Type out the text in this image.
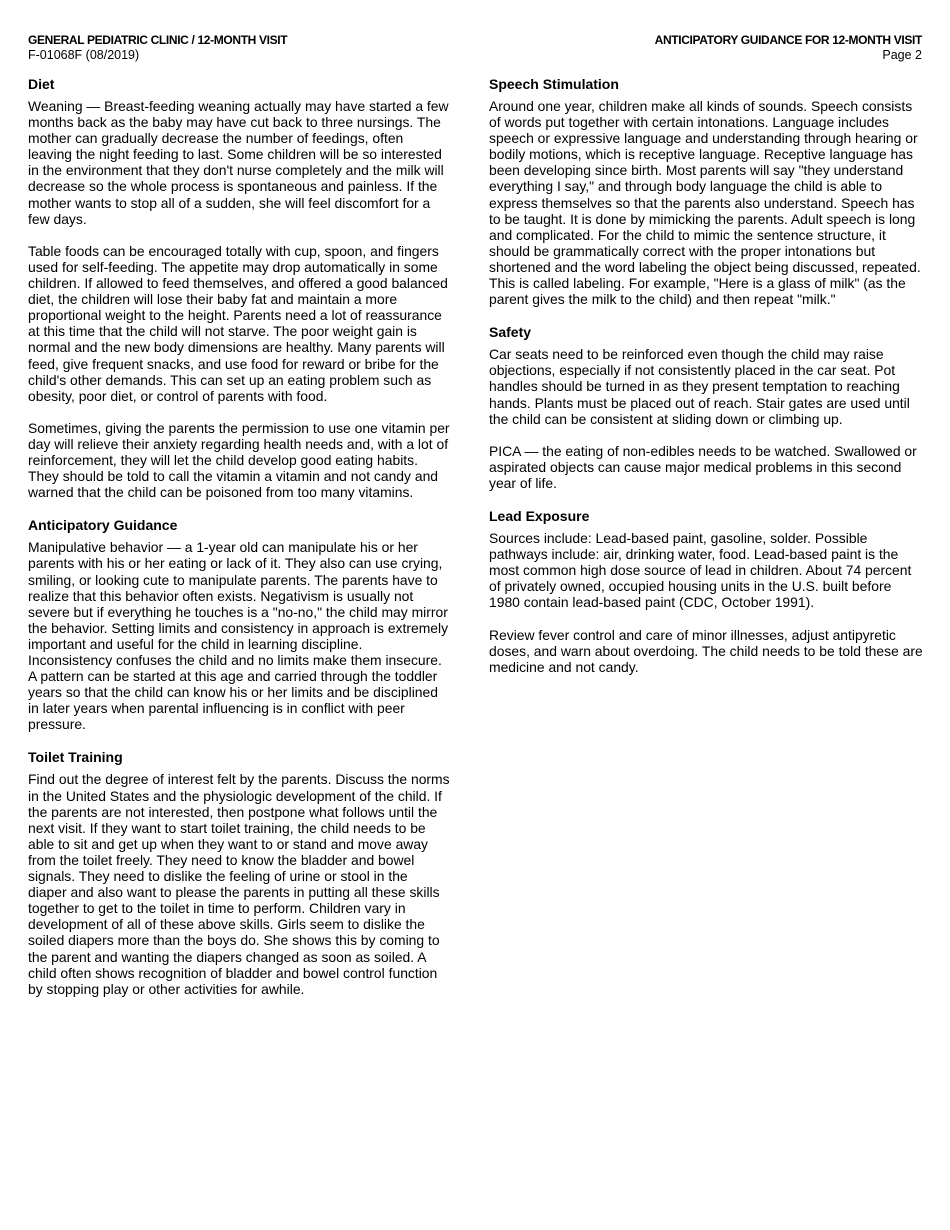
GENERAL PEDIATRIC CLINIC / 12-MONTH VISIT
F-01068F (08/2019)
ANTICIPATORY GUIDANCE FOR 12-MONTH VISIT
Page 2
Diet

Weaning — Breast-feeding weaning actually may have started a few months back as the baby may have cut back to three nursings. The mother can gradually decrease the number of feedings, often leaving the night feeding to last. Some children will be so interested in the environment that they don't nurse completely and the milk will decrease so the whole process is spontaneous and painless. If the mother wants to stop all of a sudden, she will feel discomfort for a few days.

Table foods can be encouraged totally with cup, spoon, and fingers used for self-feeding. The appetite may drop automatically in some children. If allowed to feed themselves, and offered a good balanced diet, the children will lose their baby fat and maintain a more proportional weight to the height. Parents need a lot of reassurance at this time that the child will not starve. The poor weight gain is normal and the new body dimensions are healthy. Many parents will feed, give frequent snacks, and use food for reward or bribe for the child's other demands. This can set up an eating problem such as obesity, poor diet, or control of parents with food.

Sometimes, giving the parents the permission to use one vitamin per day will relieve their anxiety regarding health needs and, with a lot of reinforcement, they will let the child develop good eating habits. They should be told to call the vitamin a vitamin and not candy and warned that the child can be poisoned from too many vitamins.

Anticipatory Guidance

Manipulative behavior — a 1-year old can manipulate his or her parents with his or her eating or lack of it. They also can use crying, smiling, or looking cute to manipulate parents. The parents have to realize that this behavior often exists. Negativism is usually not severe but if everything he touches is a "no-no," the child may mirror the behavior. Setting limits and consistency in approach is extremely important and useful for the child in learning discipline. Inconsistency confuses the child and no limits make them insecure. A pattern can be started at this age and carried through the toddler years so that the child can know his or her limits and be disciplined in later years when parental influencing is in conflict with peer pressure.

Toilet Training

Find out the degree of interest felt by the parents. Discuss the norms in the United States and the physiologic development of the child. If the parents are not interested, then postpone what follows until the next visit. If they want to start toilet training, the child needs to be able to sit and get up when they want to or stand and move away from the toilet freely. They need to know the bladder and bowel signals. They need to dislike the feeling of urine or stool in the diaper and also want to please the parents in putting all these skills together to get to the toilet in time to perform. Children vary in development of all of these above skills. Girls seem to dislike the soiled diapers more than the boys do. She shows this by coming to the parent and wanting the diapers changed as soon as soiled. A child often shows recognition of bladder and bowel control function by stopping play or other activities for awhile.

Speech Stimulation

Around one year, children make all kinds of sounds. Speech consists of words put together with certain intonations. Language includes speech or expressive language and understanding through hearing or bodily motions, which is receptive language. Receptive language has been developing since birth. Most parents will say "they understand everything I say," and through body language the child is able to express themselves so that the parents also understand. Speech has to be taught. It is done by mimicking the parents. Adult speech is long and complicated. For the child to mimic the sentence structure, it should be grammatically correct with the proper intonations but shortened and the word labeling the object being discussed, repeated. This is called labeling. For example, "Here is a glass of milk" (as the parent gives the milk to the child) and then repeat "milk."

Safety

Car seats need to be reinforced even though the child may raise objections, especially if not consistently placed in the car seat. Pot handles should be turned in as they present temptation to reaching hands. Plants must be placed out of reach. Stair gates are used until the child can be consistent at sliding down or climbing up.

PICA — the eating of non-edibles needs to be watched. Swallowed or aspirated objects can cause major medical problems in this second year of life.

Lead Exposure

Sources include: Lead-based paint, gasoline, solder. Possible pathways include: air, drinking water, food. Lead-based paint is the most common high dose source of lead in children. About 74 percent of privately owned, occupied housing units in the U.S. built before 1980 contain lead-based paint (CDC, October 1991).

Review fever control and care of minor illnesses, adjust antipyretic doses, and warn about overdoing. The child needs to be told these are medicine and not candy.
